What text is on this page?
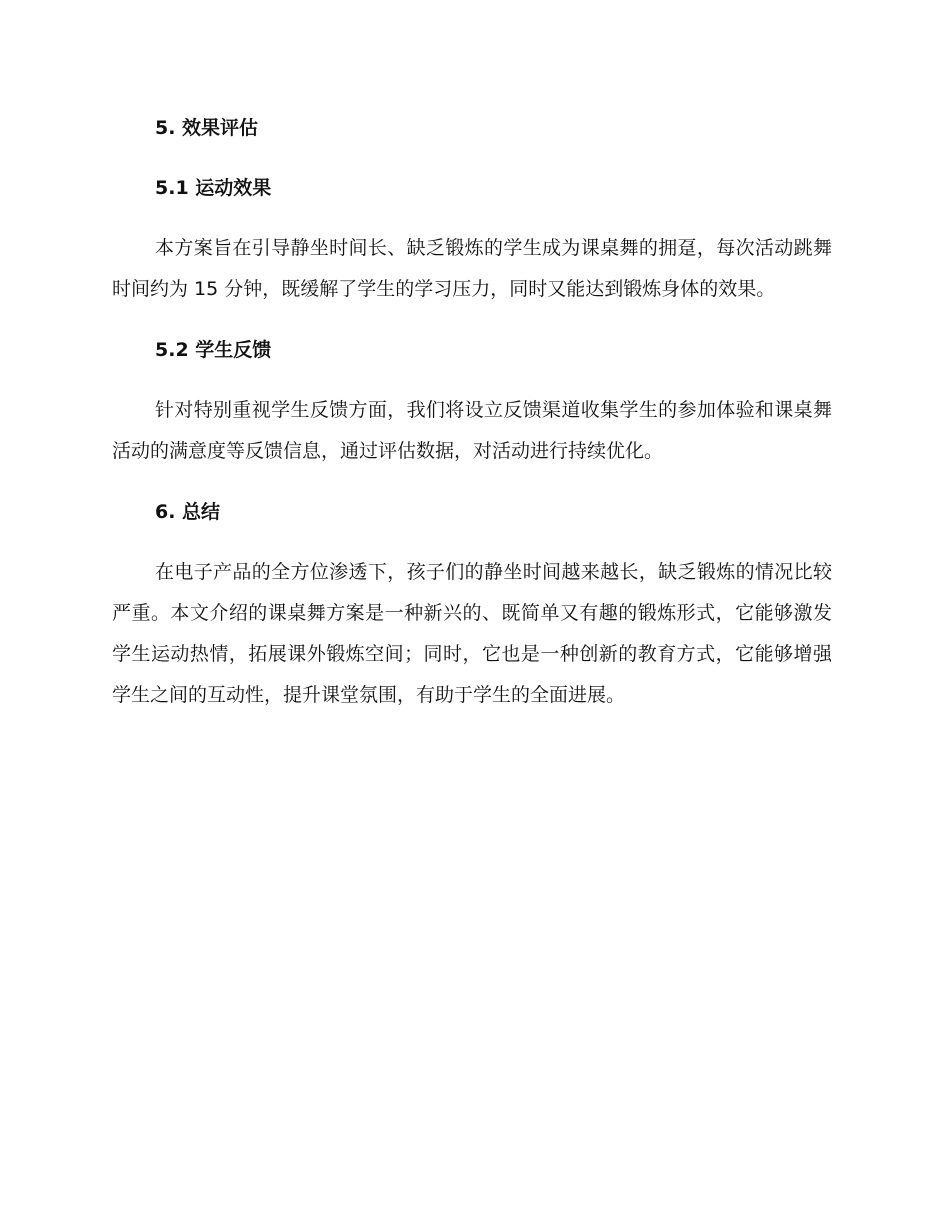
5. 效果评估
5.1 运动效果

本方案旨在引导静坐时间长、缺乏锻炼的学生成为课桌舞的拥趸，每次活动跳舞时间约为 15 分钟，既缓解了学生的学习压力，同时又能达到锻炼身体的效果。

5.2 学生反馈

针对特别重视学生反馈方面，我们将设立反馈渠道收集学生的参加体验和课桌舞活动的满意度等反馈信息，通过评估数据，对活动进行持续优化。

6. 总结

在电子产品的全方位渗透下，孩子们的静坐时间越来越长，缺乏锻炼的情况比较严重。本文介绍的课桌舞方案是一种新兴的、既简单又有趣的锻炼形式，它能够激发学生运动热情，拓展课外锻炼空间；同时，它也是一种创新的教育方式，它能够增强学生之间的互动性，提升课堂氛围，有助于学生的全面进展。
